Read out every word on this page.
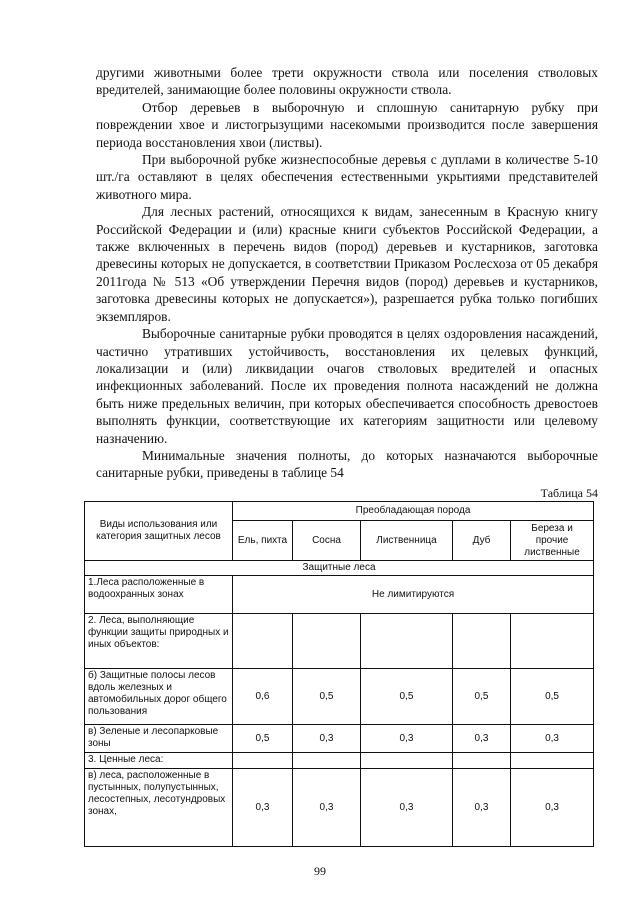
другими животными более трети окружности ствола или поселения стволовых вредителей, занимающие более половины окружности ствола.

Отбор деревьев в выборочную и сплошную санитарную рубку при повреждении хвое и листогрызущими насекомыми производится после завершения периода восстановления хвои (листвы).

При выборочной рубке жизнеспособные деревья с дуплами в количестве 5-10 шт./га оставляют в целях обеспечения естественными укрытиями представителей животного мира.

Для лесных растений, относящихся к видам, занесенным в Красную книгу Российской Федерации и (или) красные книги субъектов Российской Федерации, а также включенных в перечень видов (пород) деревьев и кустарников, заготовка древесины которых не допускается, в соответствии Приказом Рослесхоза от 05 декабря 2011года № 513 «Об утверждении Перечня видов (пород) деревьев и кустарников, заготовка древесины которых не допускается»), разрешается рубка только погибших экземпляров.

Выборочные санитарные рубки проводятся в целях оздоровления насаждений, частично утративших устойчивость, восстановления их целевых функций, локализации и (или) ликвидации очагов стволовых вредителей и опасных инфекционных заболеваний. После их проведения полнота насаждений не должна быть ниже предельных величин, при которых обеспечивается способность древостоев выполнять функции, соответствующие их категориям защитности или целевому назначению.

Минимальные значения полноты, до которых назначаются выборочные санитарные рубки, приведены в таблице 54

Таблица 54
Виды использования или категория защитных лесов	Преобладающая порода				
	Ель, пихта	Сосна	Лиственница	Дуб	Береза и прочие лиственные
Защитные леса					
1.Леса расположенные в водоохранных зонах	Не лимитируются				
2. Леса, выполняющие функции защиты природных и иных объектов:					
б) Защитные полосы лесов вдоль железных и автомобильных дорог общего пользования	0,6	0,5	0,5	0,5	0,5
в) Зеленые и лесопарковые зоны	0,5	0,3	0,3	0,3	0,3
3. Ценные леса:					
в) леса, расположенные в пустынных, полупустынных, лесостепных, лесотундровых зонах,	0,3	0,3	0,3	0,3	0,3
99
